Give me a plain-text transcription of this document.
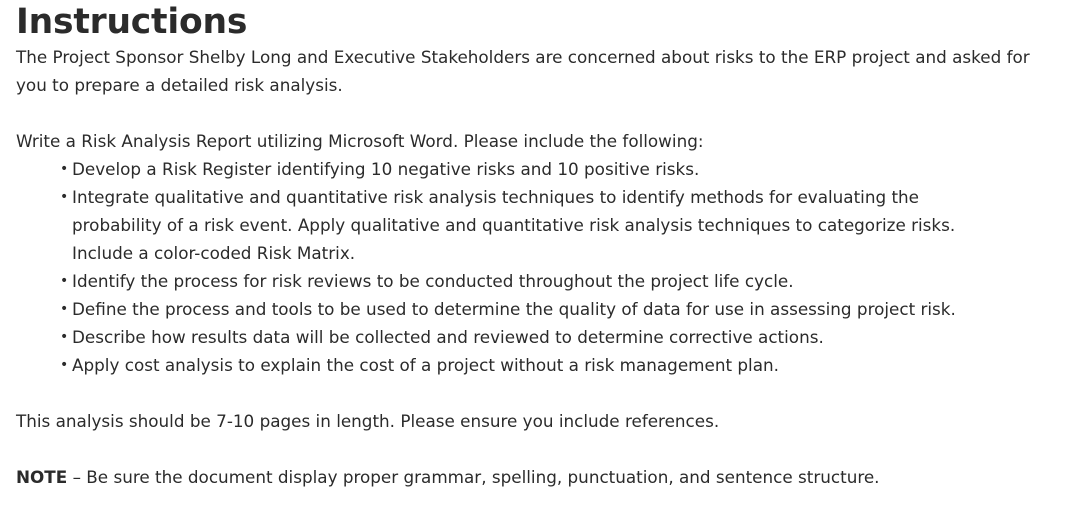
Instructions

The Project Sponsor Shelby Long and Executive Stakeholders are concerned about risks to the ERP project and asked for you to prepare a detailed risk analysis.

Write a Risk Analysis Report utilizing Microsoft Word. Please include the following:

• Develop a Risk Register identifying 10 negative risks and 10 positive risks.
• Integrate qualitative and quantitative risk analysis techniques to identify methods for evaluating the probability of a risk event. Apply qualitative and quantitative risk analysis techniques to categorize risks. Include a color-coded Risk Matrix.
• Identify the process for risk reviews to be conducted throughout the project life cycle.
• Define the process and tools to be used to determine the quality of data for use in assessing project risk.
• Describe how results data will be collected and reviewed to determine corrective actions.
• Apply cost analysis to explain the cost of a project without a risk management plan.

This analysis should be 7-10 pages in length. Please ensure you include references.

NOTE – Be sure the document display proper grammar, spelling, punctuation, and sentence structure.
